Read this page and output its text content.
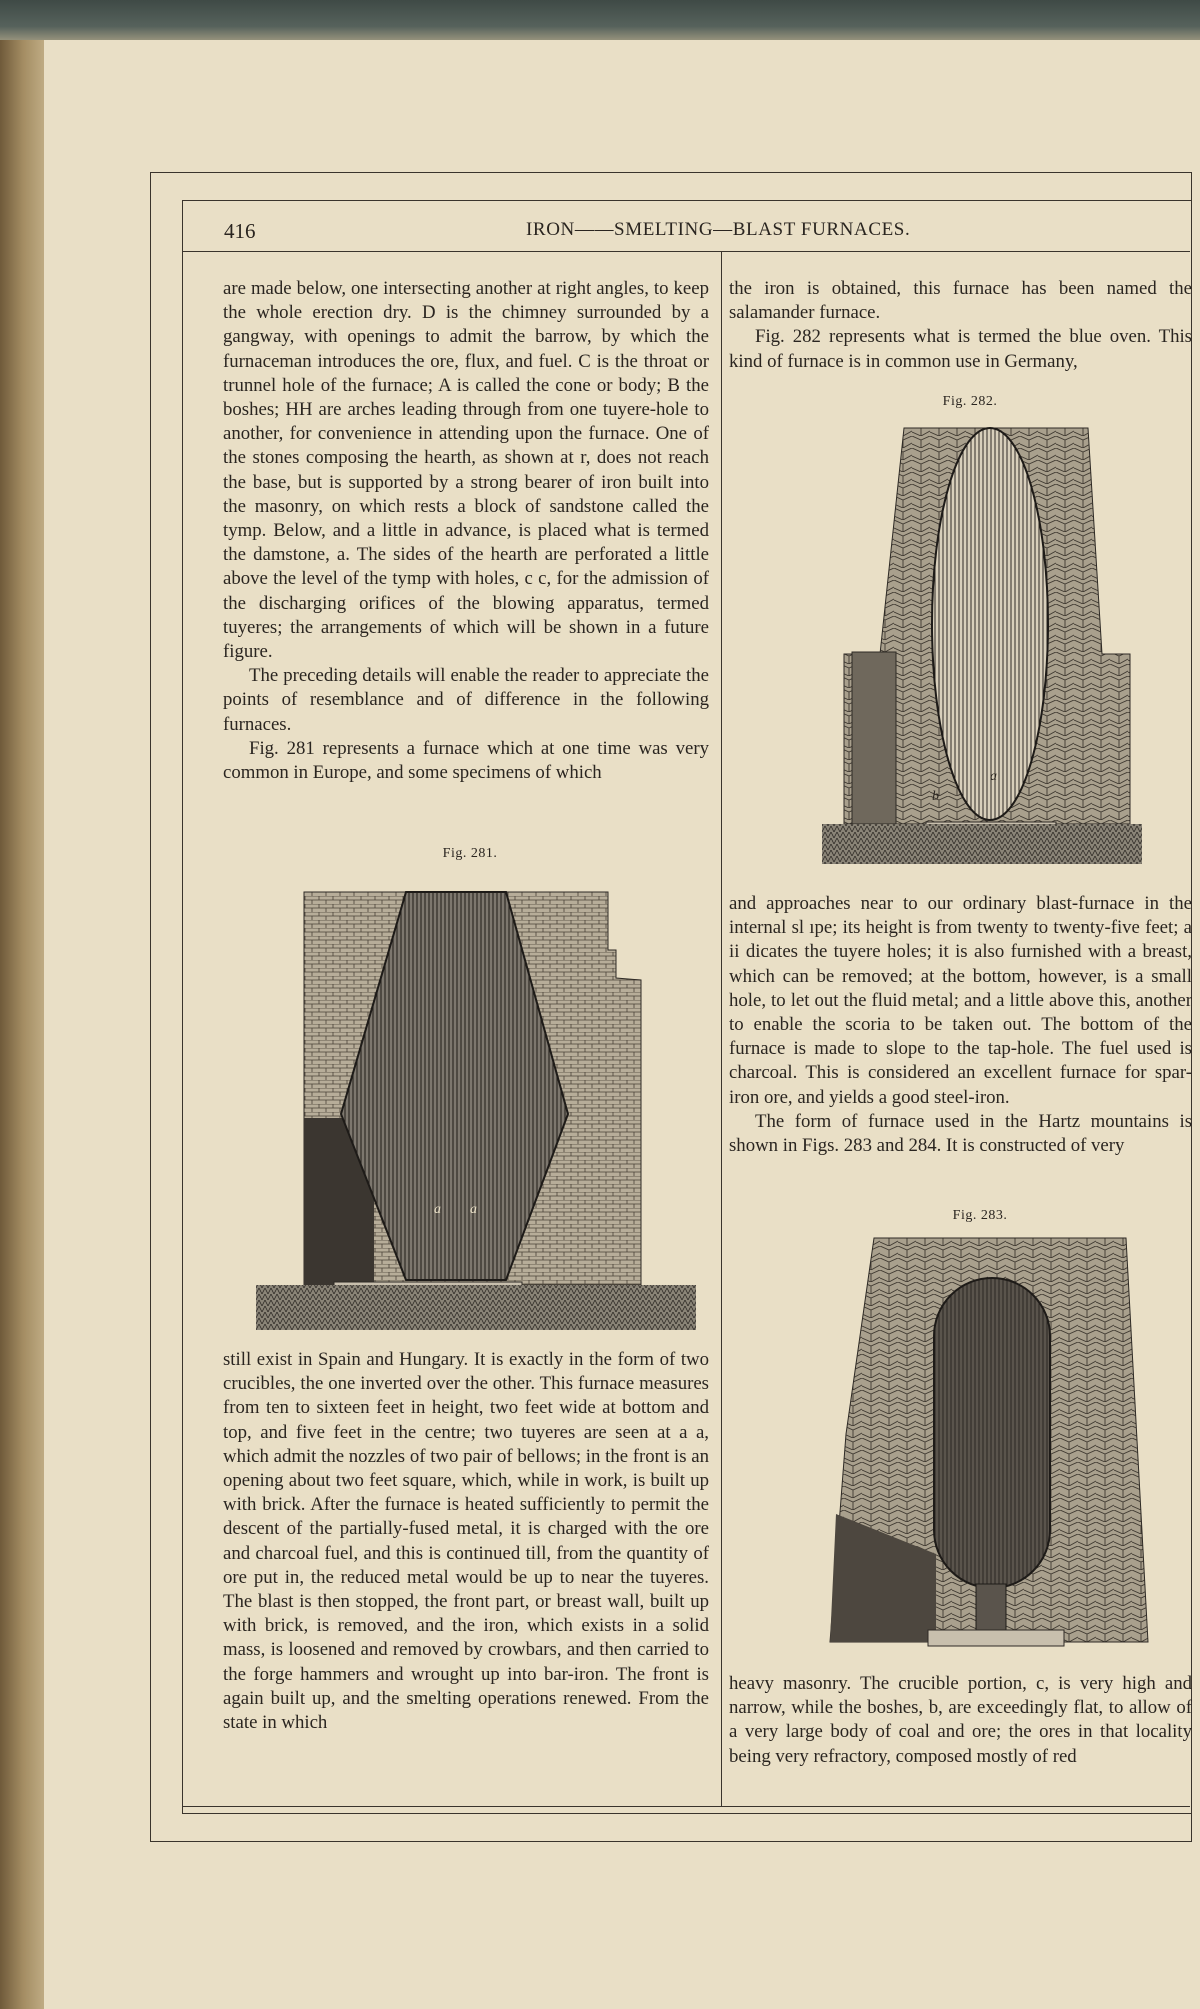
416	IRON——SMELTING—BLAST FURNACES.

are made below, one intersecting another at right angles, to keep the whole erection dry. D is the chimney surrounded by a gangway, with openings to admit the barrow, by which the furnaceman introduces the ore, flux, and fuel. C is the throat or trunnel hole of the furnace; A is called the cone or body; B the boshes; HH are arches leading through from one tuyere-hole to another, for convenience in attending upon the furnace. One of the stones composing the hearth, as shown at r, does not reach the base, but is supported by a strong bearer of iron built into the masonry, on which rests a block of sandstone called the tymp. Below, and a little in advance, is placed what is termed the damstone, a. The sides of the hearth are perforated a little above the level of the tymp with holes, c c, for the admission of the discharging orifices of the blowing apparatus, termed tuyeres; the arrangements of which will be shown in a future figure.

The preceding details will enable the reader to appreciate the points of resemblance and of difference in the following furnaces.

Fig. 281 represents a furnace which at one time was very common in Europe, and some specimens of which

Fig. 281.
a a

still exist in Spain and Hungary. It is exactly in the form of two crucibles, the one inverted over the other. This furnace measures from ten to sixteen feet in height, two feet wide at bottom and top, and five feet in the centre; two tuyeres are seen at a a, which admit the nozzles of two pair of bellows; in the front is an opening about two feet square, which, while in work, is built up with brick. After the furnace is heated sufficiently to permit the descent of the partially-fused metal, it is charged with the ore and charcoal fuel, and this is continued till, from the quantity of ore put in, the reduced metal would be up to near the tuyeres. The blast is then stopped, the front part, or breast wall, built up with brick, is removed, and the iron, which exists in a solid mass, is loosened and removed by crowbars, and then carried to the forge hammers and wrought up into bar-iron. The front is again built up, and the smelting operations renewed. From the state in which

the iron is obtained, this furnace has been named the salamander furnace.

Fig. 282 represents what is termed the blue oven. This kind of furnace is in common use in Germany,

Fig. 282.
a
b

and approaches near to our ordinary blast-furnace in the internal sl ıpe; its height is from twenty to twenty-five feet; a ii dicates the tuyere holes; it is also furnished with a breast, which can be removed; at the bottom, however, is a small hole, to let out the fluid metal; and a little above this, another to enable the scoria to be taken out. The bottom of the furnace is made to slope to the tap-hole. The fuel used is charcoal. This is considered an excellent furnace for spar-iron ore, and yields a good steel-iron.

The form of furnace used in the Hartz mountains is shown in Figs. 283 and 284. It is constructed of very

Fig. 283.

heavy masonry. The crucible portion, c, is very high and narrow, while the boshes, b, are exceedingly flat, to allow of a very large body of coal and ore; the ores in that locality being very refractory, composed mostly of red
